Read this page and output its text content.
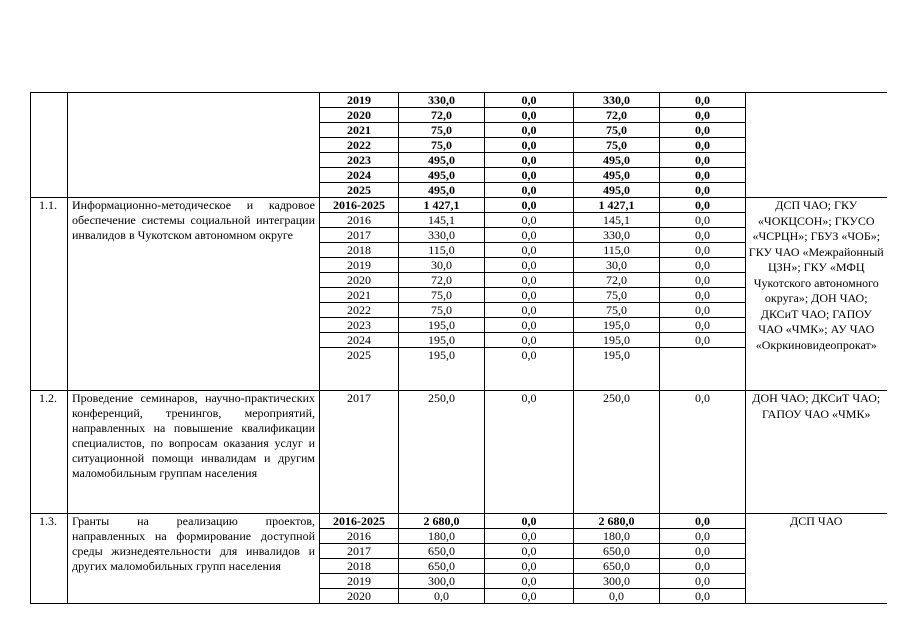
		2019	330,0	0,0	330,0	0,0	
		2020	72,0	0,0	72,0	0,0	
		2021	75,0	0,0	75,0	0,0	
		2022	75,0	0,0	75,0	0,0	
		2023	495,0	0,0	495,0	0,0	
		2024	495,0	0,0	495,0	0,0	
		2025	495,0	0,0	495,0	0,0	
1.1.	Информационно-методическое и кадровое обеспечение системы социальной интеграции инвалидов в Чукотском автономном округе	2016-2025	1 427,1	0,0	1 427,1	0,0	ДСП ЧАО; ГКУ «ЧОКЦСОН»; ГКУСО «ЧСРЦН»; ГБУЗ «ЧОБ»; ГКУ ЧАО «Межрайонный ЦЗН»; ГКУ «МФЦ Чукотского автономного округа»; ДОН ЧАО; ДКСиТ ЧАО; ГАПОУ ЧАО «ЧМК»; АУ ЧАО «Окркиновидеопрокат»
		2016	145,1	0,0	145,1	0,0	
		2017	330,0	0,0	330,0	0,0	
		2018	115,0	0,0	115,0	0,0	
		2019	30,0	0,0	30,0	0,0	
		2020	72,0	0,0	72,0	0,0	
		2021	75,0	0,0	75,0	0,0	
		2022	75,0	0,0	75,0	0,0	
		2023	195,0	0,0	195,0	0,0	
		2024	195,0	0,0	195,0	0,0	
		2025	195,0	0,0	195,0		
1.2.	Проведение семинаров, научно-практических конференций, тренингов, мероприятий, направленных на повышение квалификации специалистов, по вопросам оказания услуг и ситуационной помощи инвалидам и другим маломобильным группам населения	2017	250,0	0,0	250,0	0,0	ДОН ЧАО; ДКСиТ ЧАО; ГАПОУ ЧАО «ЧМК»
1.3.	Гранты на реализацию проектов, направленных на формирование доступной среды жизнедеятельности для инвалидов и других маломобильных групп населения	2016-2025	2 680,0	0,0	2 680,0	0,0	ДСП ЧАО
		2016	180,0	0,0	180,0	0,0	
		2017	650,0	0,0	650,0	0,0	
		2018	650,0	0,0	650,0	0,0	
		2019	300,0	0,0	300,0	0,0	
		2020	0,0	0,0	0,0	0,0	
